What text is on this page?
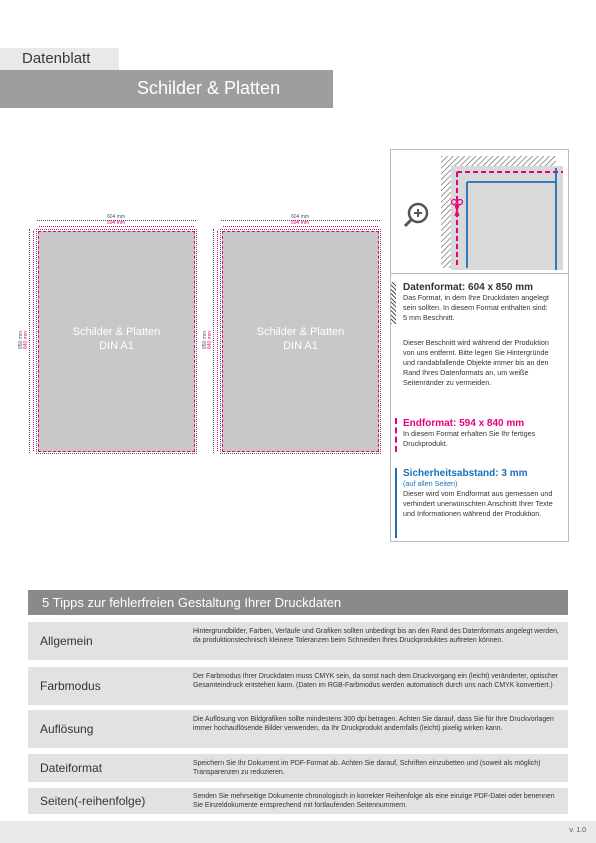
Datenblatt
Schilder & Platten
604 mm
594 mm
850 mm 840 mm	Schilder & Platten
DIN A1
604 mm
594 mm
850 mm 840 mm	Schilder & Platten
DIN A1
Datenformat: 604 x 850 mm
Das Format, in dem Ihre Druckdaten angelegt sein sollten. In diesem Format enthalten sind: 5 mm Beschnitt.
Dieser Beschnitt wird während der Produktion von uns entfernt. Bitte legen Sie Hintergründe und randabfallende Objekte immer bis an den Rand Ihres Datenformats an, um weiße Seitenränder zu vermeiden.
Endformat: 594 x 840 mm
In diesem Format erhalten Sie Ihr fertiges Druckprodukt.
Sicherheitsabstand: 3 mm
(auf allen Seiten)
Dieser wird vom Endformat aus gemessen und verhindert unerwünschten Anschnitt Ihrer Texte und Informationen während der Produktion.
5 Tipps zur fehlerfreien Gestaltung Ihrer Druckdaten
Allgemein
Hintergrundbilder, Farben, Verläufe und Grafiken sollten unbedingt bis an den Rand des Datenformats angelegt werden, da produktionstechnisch kleinere Toleranzen beim Schneiden Ihres Druckproduktes auftreten können.
Farbmodus
Der Farbmodus Ihrer Druckdaten muss CMYK sein, da sonst nach dem Druckvorgang ein (leicht) veränderter, optischer Gesamteindruck entstehen kann. (Daten im RGB-Farbmodus werden automatisch durch uns nach CMYK konvertiert.)
Auflösung
Die Auflösung von Bildgrafiken sollte mindestens 300 dpi betragen. Achten Sie darauf, dass Sie für Ihre Druckvorlagen immer hochauflösende Bilder verwenden, da Ihr Druckprodukt andernfalls (leicht) pixelig wirken kann.
Dateiformat	Speichern Sie Ihr Dokument im PDF-Format ab. Achten Sie darauf, Schriften einzubetten und (soweit als möglich) Transparenzen zu reduzieren.
Seiten(-reihenfolge)	Senden Sie mehrseitige Dokumente chronologisch in korrekter Reihenfolge als eine einzige PDF-Datei oder benennen Sie Einzeldokumente entsprechend mit fortlaufenden Seitennummern.
v. 1.0
